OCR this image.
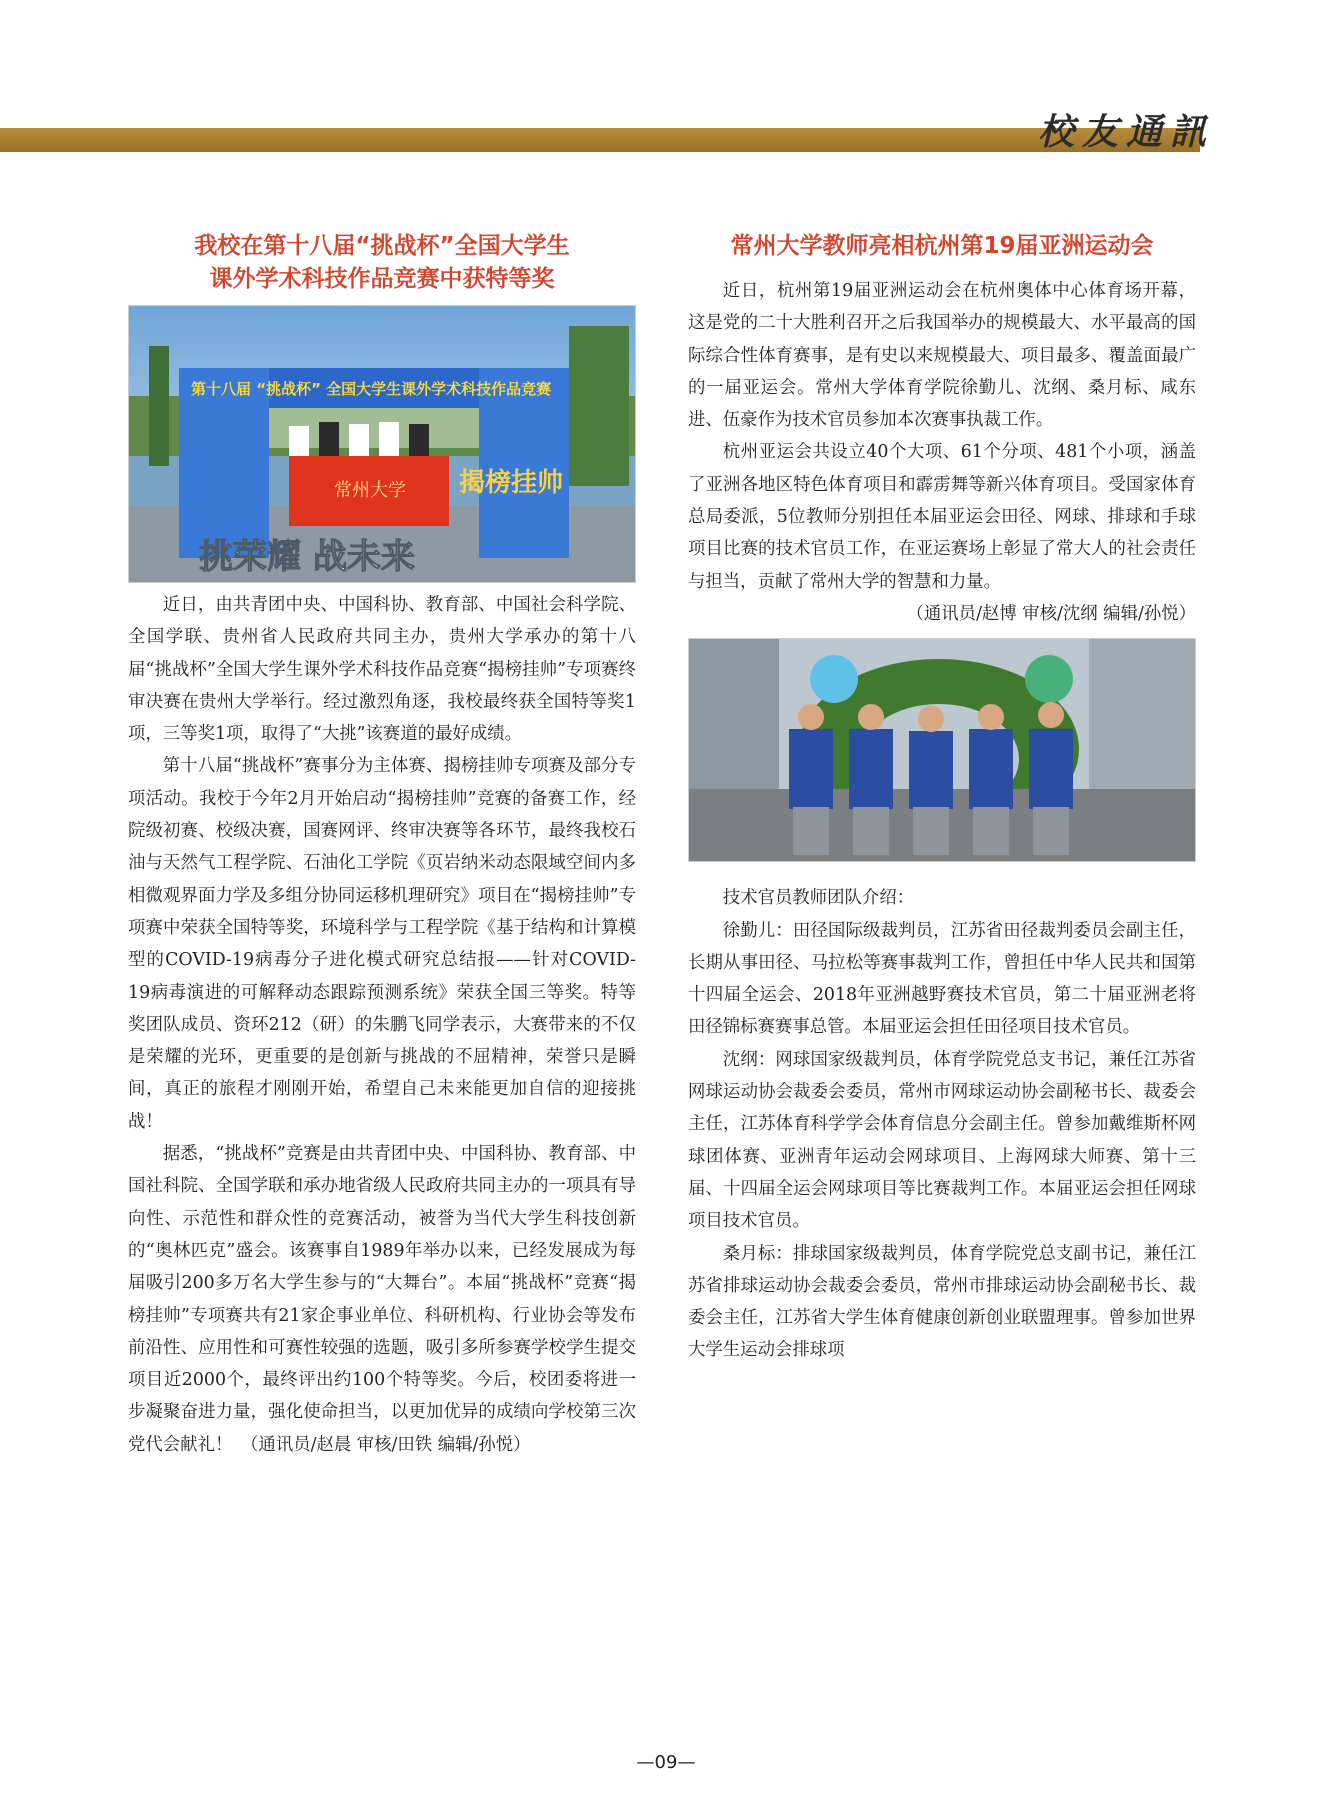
校友通訊
我校在第十八届“挑战杯”全国大学生
课外学术科技作品竞赛中获特等奖
第十八届 “挑战杯” 全国大学生课外学术科技作品竞赛
常州大学 揭榜挂帅
挑荣耀 战未来

近日，由共青团中央、中国科协、教育部、中国社会科学院、全国学联、贵州省人民政府共同主办，贵州大学承办的第十八届“挑战杯”全国大学生课外学术科技作品竞赛“揭榜挂帅”专项赛终审决赛在贵州大学举行。经过激烈角逐，我校最终获全国特等奖1项，三等奖1项，取得了“大挑”该赛道的最好成绩。

第十八届“挑战杯”赛事分为主体赛、揭榜挂帅专项赛及部分专项活动。我校于今年2月开始启动“揭榜挂帅”竞赛的备赛工作，经院级初赛、校级决赛，国赛网评、终审决赛等各环节，最终我校石油与天然气工程学院、石油化工学院《页岩纳米动态限域空间内多相微观界面力学及多组分协同运移机理研究》项目在“揭榜挂帅”专项赛中荣获全国特等奖，环境科学与工程学院《基于结构和计算模型的COVID-19病毒分子进化模式研究总结报——针对COVID-19病毒演进的可解释动态跟踪预测系统》荣获全国三等奖。特等奖团队成员、资环212（研）的朱鹏飞同学表示，大赛带来的不仅是荣耀的光环，更重要的是创新与挑战的不屈精神，荣誉只是瞬间，真正的旅程才刚刚开始，希望自己未来能更加自信的迎接挑战！

据悉，“挑战杯”竞赛是由共青团中央、中国科协、教育部、中国社科院、全国学联和承办地省级人民政府共同主办的一项具有导向性、示范性和群众性的竞赛活动，被誉为当代大学生科技创新的“奥林匹克”盛会。该赛事自1989年举办以来，已经发展成为每届吸引200多万名大学生参与的“大舞台”。本届“挑战杯”竞赛“揭榜挂帅”专项赛共有21家企事业单位、科研机构、行业协会等发布前沿性、应用性和可赛性较强的选题，吸引多所参赛学校学生提交项目近2000个，最终评出约100个特等奖。今后，校团委将进一步凝聚奋进力量，强化使命担当，以更加优异的成绩向学校第三次党代会献礼！　（通讯员/赵晨 审核/田铁 编辑/孙悦）

常州大学教师亮相杭州第19届亚洲运动会

近日，杭州第19届亚洲运动会在杭州奥体中心体育场开幕，这是党的二十大胜利召开之后我国举办的规模最大、水平最高的国际综合性体育赛事，是有史以来规模最大、项目最多、覆盖面最广的一届亚运会。常州大学体育学院徐勤儿、沈纲、桑月标、咸东进、伍豪作为技术官员参加本次赛事执裁工作。

杭州亚运会共设立40个大项、61个分项、481个小项，涵盖了亚洲各地区特色体育项目和霹雳舞等新兴体育项目。受国家体育总局委派，5位教师分别担任本届亚运会田径、网球、排球和手球项目比赛的技术官员工作，在亚运赛场上彰显了常大人的社会责任与担当，贡献了常州大学的智慧和力量。

（通讯员/赵博 审核/沈纲 编辑/孙悦）

技术官员教师团队介绍：

徐勤儿：田径国际级裁判员，江苏省田径裁判委员会副主任，长期从事田径、马拉松等赛事裁判工作，曾担任中华人民共和国第十四届全运会、2018年亚洲越野赛技术官员，第二十届亚洲老将田径锦标赛赛事总管。本届亚运会担任田径项目技术官员。

沈纲：网球国家级裁判员，体育学院党总支书记，兼任江苏省网球运动协会裁委会委员，常州市网球运动协会副秘书长、裁委会主任，江苏体育科学学会体育信息分会副主任。曾参加戴维斯杯网球团体赛、亚洲青年运动会网球项目、上海网球大师赛、第十三届、十四届全运会网球项目等比赛裁判工作。本届亚运会担任网球项目技术官员。

桑月标：排球国家级裁判员，体育学院党总支副书记，兼任江苏省排球运动协会裁委会委员，常州市排球运动协会副秘书长、裁委会主任，江苏省大学生体育健康创新创业联盟理事。曾参加世界大学生运动会排球项

—09—
